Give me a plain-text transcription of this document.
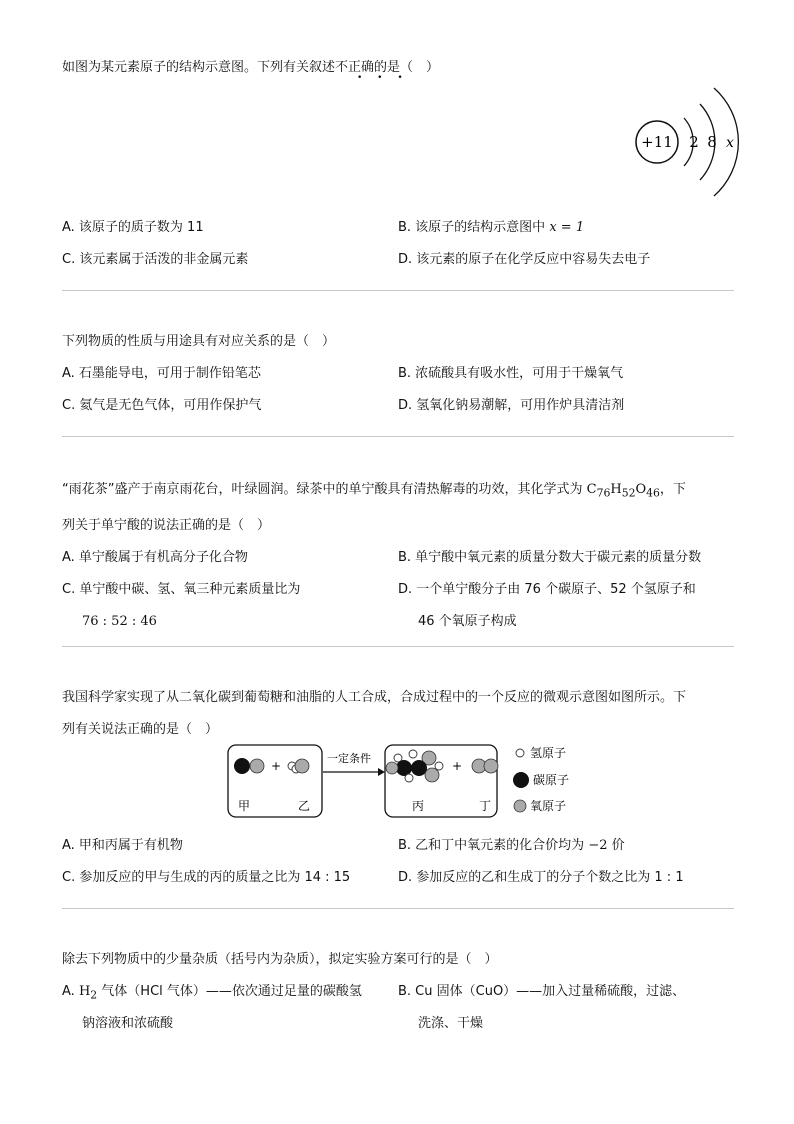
如图为某元素原子的结构示意图。下列有关叙述不正确的是（　）
• • •
+11 2 8 x
A. 该原子的质子数为 11	B. 该原子的结构示意图中 x = 1
C. 该元素属于活泼的非金属元素	D. 该元素的原子在化学反应中容易失去电子
下列物质的性质与用途具有对应关系的是（　）
A. 石墨能导电，可用于制作铅笔芯	B. 浓硫酸具有吸水性，可用于干燥氧气
C. 氦气是无色气体，可用作保护气	D. 氢氧化钠易潮解，可用作炉具清洁剂
“雨花茶”盛产于南京雨花台，叶绿圆润。绿茶中的单宁酸具有清热解毒的功效，其化学式为 $C_{76}H_{52}O_{46}$，下
列关于单宁酸的说法正确的是（　）
A. 单宁酸属于有机高分子化合物	B. 单宁酸中氧元素的质量分数大于碳元素的质量分数
C. 单宁酸中碳、氢、氧三种元素质量比为	D. 一个单宁酸分子由 76 个碳原子、52 个氢原子和
76 : 52 : 46	46 个氧原子构成
我国科学家实现了从二氧化碳到葡萄糖和油脂的人工合成，合成过程中的一个反应的微观示意图如图所示。下
列有关说法正确的是（　）
+
甲	乙
一定条件
+
丙	丁
氢原子
碳原子
氧原子
A. 甲和丙属于有机物	B. 乙和丁中氧元素的化合价均为 −2 价
C. 参加反应的甲与生成的丙的质量之比为 14 : 15	D. 参加反应的乙和生成丁的分子个数之比为 1 : 1
除去下列物质中的少量杂质（括号内为杂质），拟定实验方案可行的是（　）
A. $H_2$ 气体（HCl 气体）——依次通过足量的碳酸氢	B. Cu 固体（CuO）——加入过量稀硫酸，过滤、
钠溶液和浓硫酸	洗涤、干燥
